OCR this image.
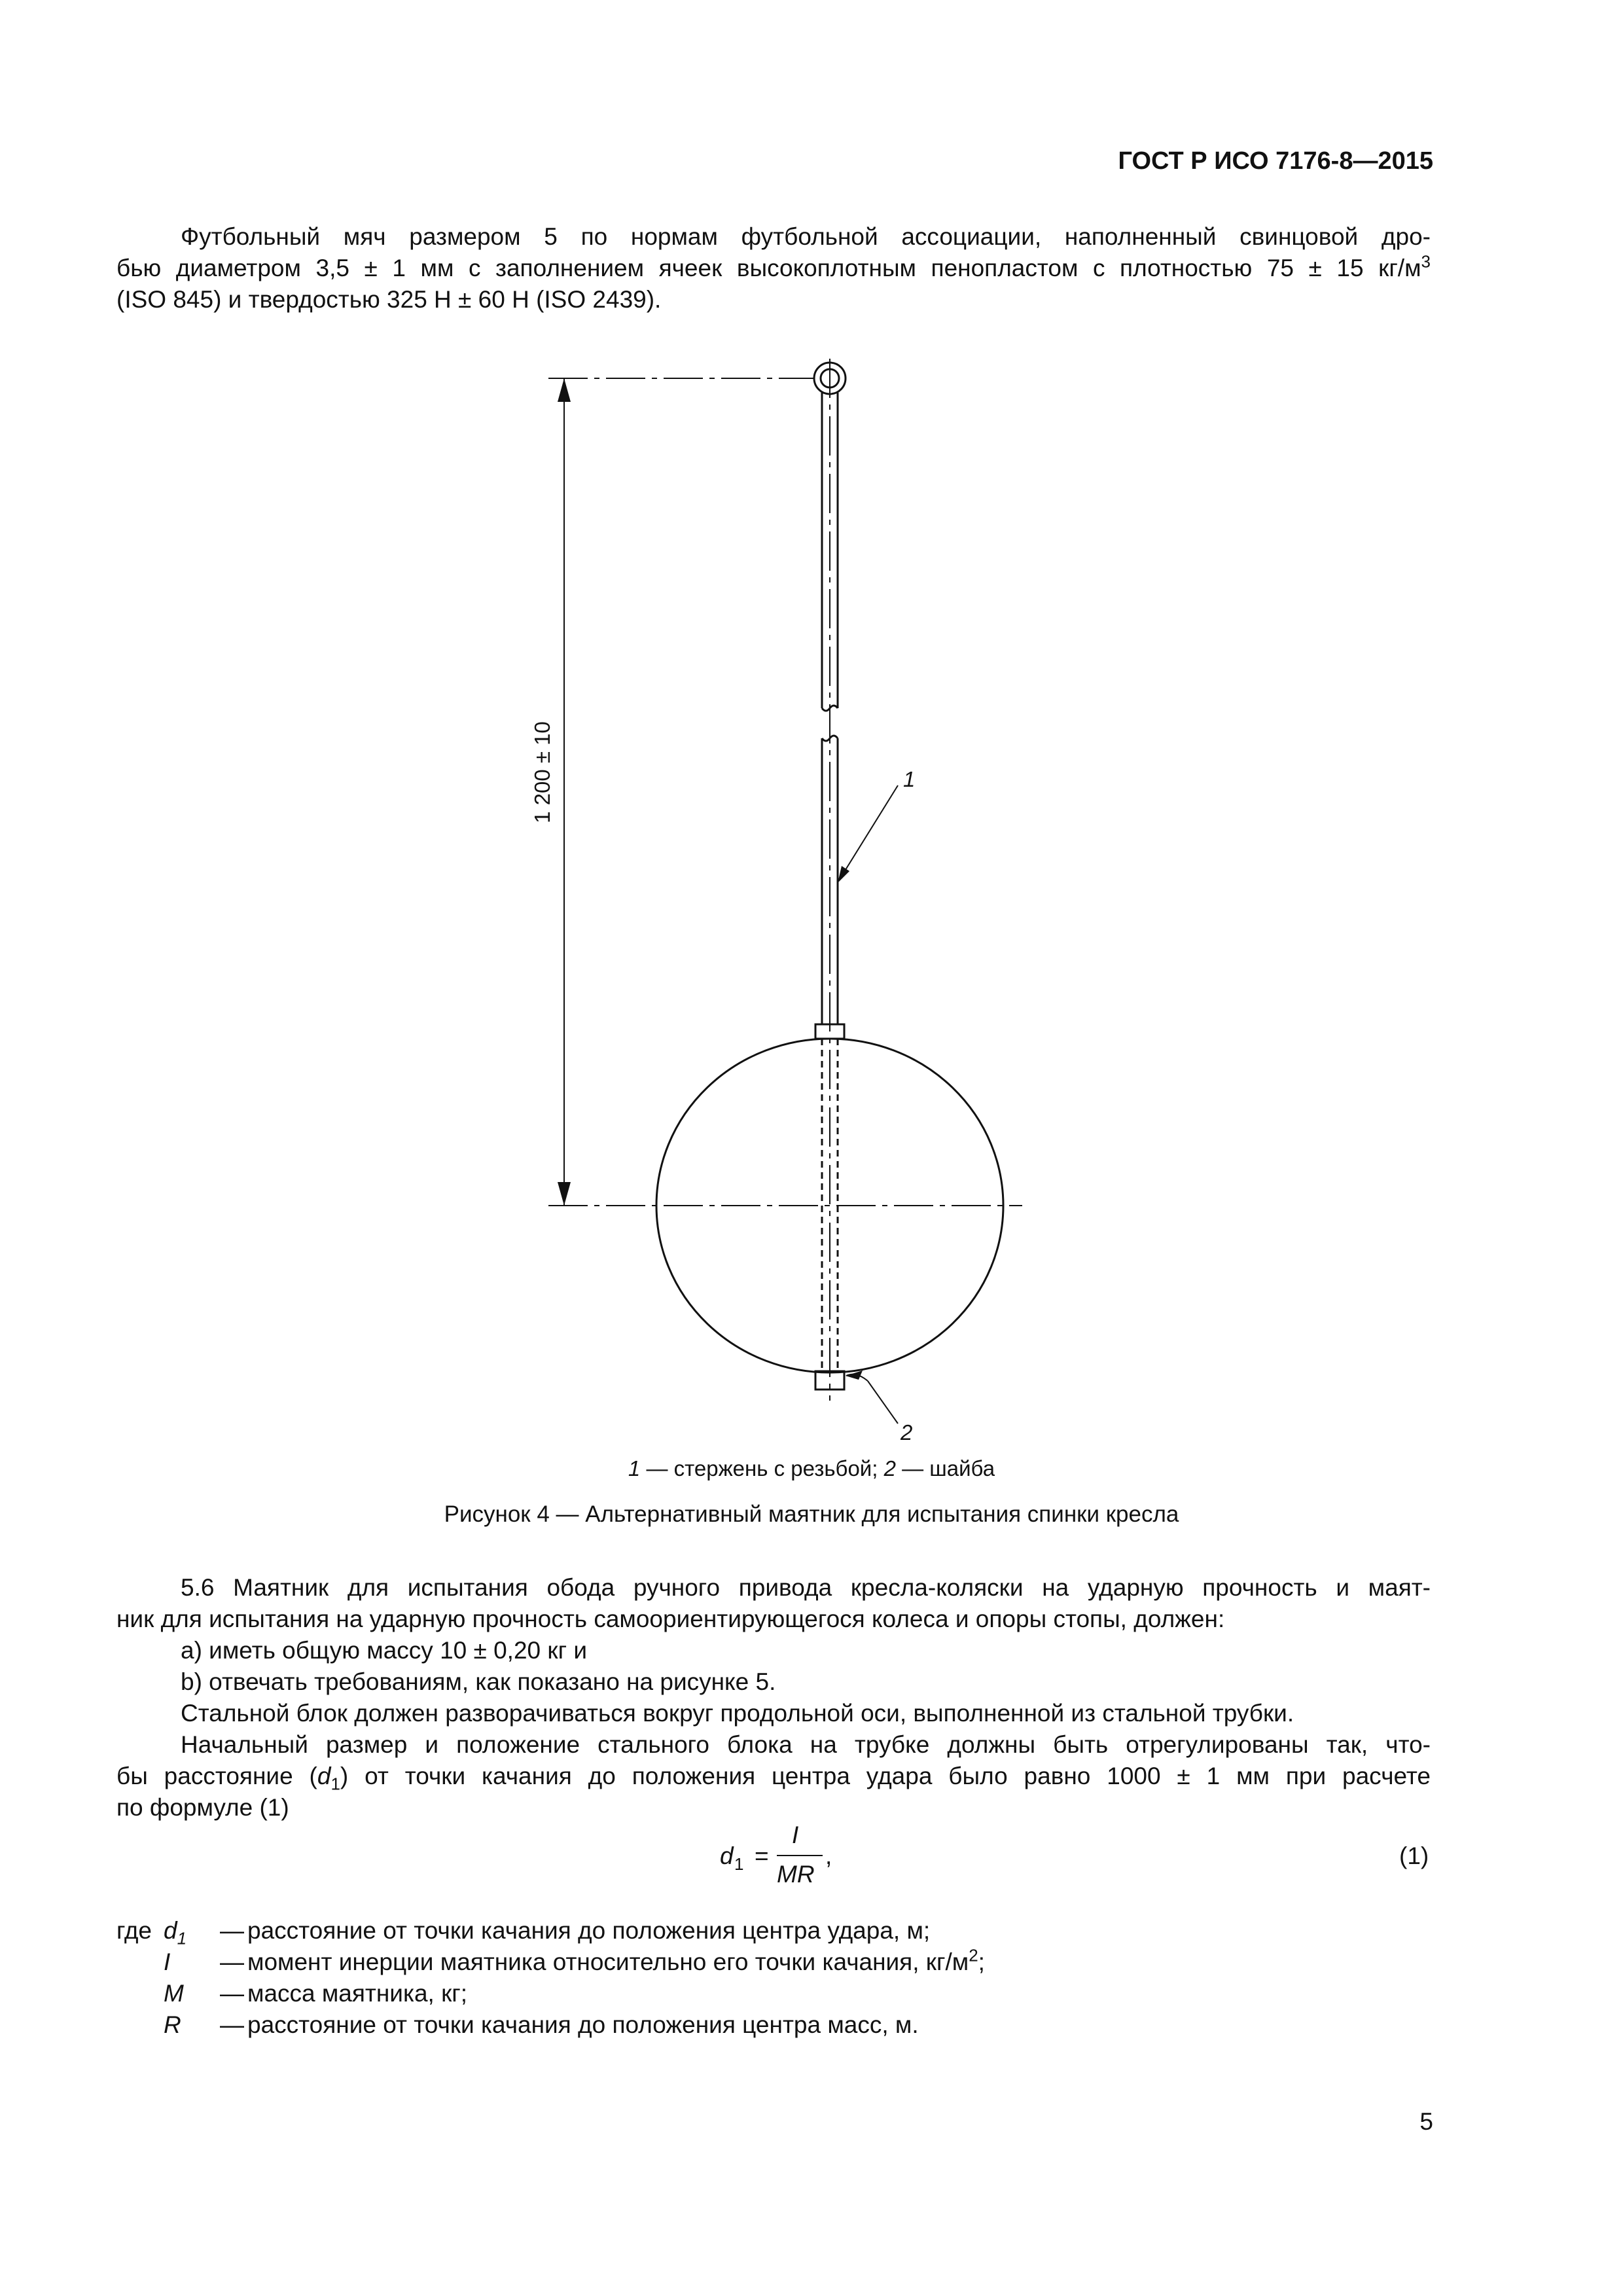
ГОСТ Р ИСО 7176-8—2015
Футбольный мяч размером 5 по нормам футбольной ассоциации, наполненный свинцовой дро-
бью диаметром 3,5 ± 1 мм с заполнением ячеек высокоплотным пенопластом с плотностью 75 ± 15 $кг/м^3$
(ISO 845) и твердостью 325 Н ± 60 Н (ISO 2439).
1 200 ± 10	1
2
1 — стержень с резьбой; 2 — шайба
Рисунок 4 — Альтернативный маятник для испытания спинки кресла
5.6 Маятник для испытания обода ручного привода кресла-коляски на ударную прочность и маят-
ник для испытания на ударную прочность самоориентирующегося колеса и опоры стопы, должен:
a) иметь общую массу 10 ± 0,20 кг и
b) отвечать требованиям, как показано на рисунке 5.
Стальной блок должен разворачиваться вокруг продольной оси, выполненной из стальной трубки.
Начальный размер и положение стального блока на трубке должны быть отрегулированы так, что-
бы расстояние $(d_1)$ от точки качания до положения центра удара было равно 1000 ± 1 мм при расчете
по формуле (1)
d 1 =
I
MR
,	(1)
где $d_1$ — расстояние от точки качания до положения центра удара, м;
I — момент инерции маятника относительно его точки качания, $кг/м^2$;
M — масса маятника, кг;
R — расстояние от точки качания до положения центра масс, м.
5
